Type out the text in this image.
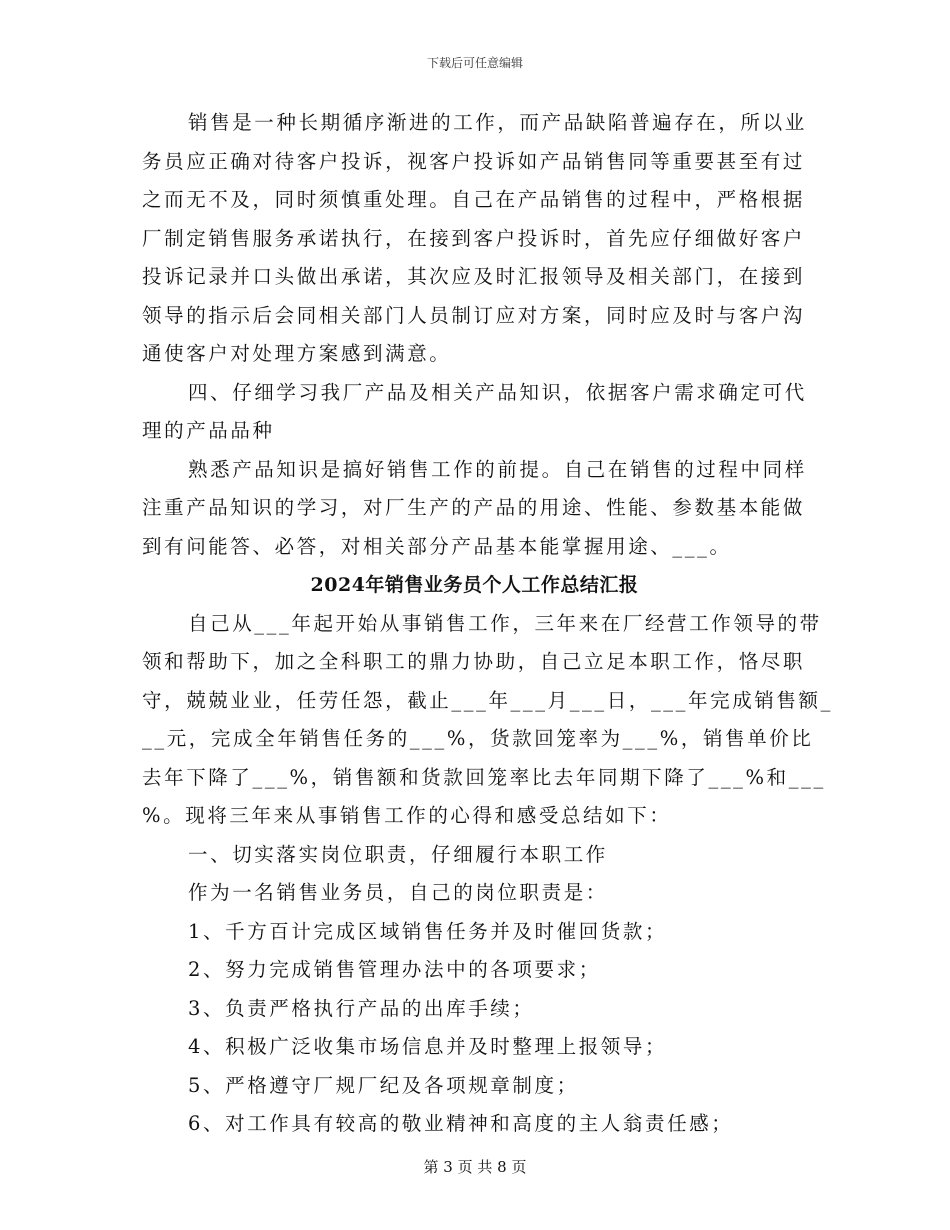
下载后可任意编辑
销售是一种长期循序渐进的工作，而产品缺陷普遍存在，所以业
务员应正确对待客户投诉，视客户投诉如产品销售同等重要甚至有过
之而无不及，同时须慎重处理。自己在产品销售的过程中，严格根据
厂制定销售服务承诺执行，在接到客户投诉时，首先应仔细做好客户
投诉记录并口头做出承诺，其次应及时汇报领导及相关部门，在接到
领导的指示后会同相关部门人员制订应对方案，同时应及时与客户沟
通使客户对处理方案感到满意。
四、仔细学习我厂产品及相关产品知识，依据客户需求确定可代
理的产品品种
熟悉产品知识是搞好销售工作的前提。自己在销售的过程中同样
注重产品知识的学习，对厂生产的产品的用途、性能、参数基本能做
到有问能答、必答，对相关部分产品基本能掌握用途、___。
2024年销售业务员个人工作总结汇报
自己从___年起开始从事销售工作，三年来在厂经营工作领导的带
领和帮助下，加之全科职工的鼎力协助，自己立足本职工作，恪尽职
守，兢兢业业，任劳任怨，截止___年___月___日，___年完成销售额_
__元，完成全年销售任务的___%，货款回笼率为___%，销售单价比
去年下降了___%，销售额和货款回笼率比去年同期下降了___%和___
%。现将三年来从事销售工作的心得和感受总结如下：
一、切实落实岗位职责，仔细履行本职工作
作为一名销售业务员，自己的岗位职责是：
1、千方百计完成区域销售任务并及时催回货款；
2、努力完成销售管理办法中的各项要求；
3、负责严格执行产品的出库手续；
4、积极广泛收集市场信息并及时整理上报领导；
5、严格遵守厂规厂纪及各项规章制度；
6、对工作具有较高的敬业精神和高度的主人翁责任感；
第 3 页 共 8 页
